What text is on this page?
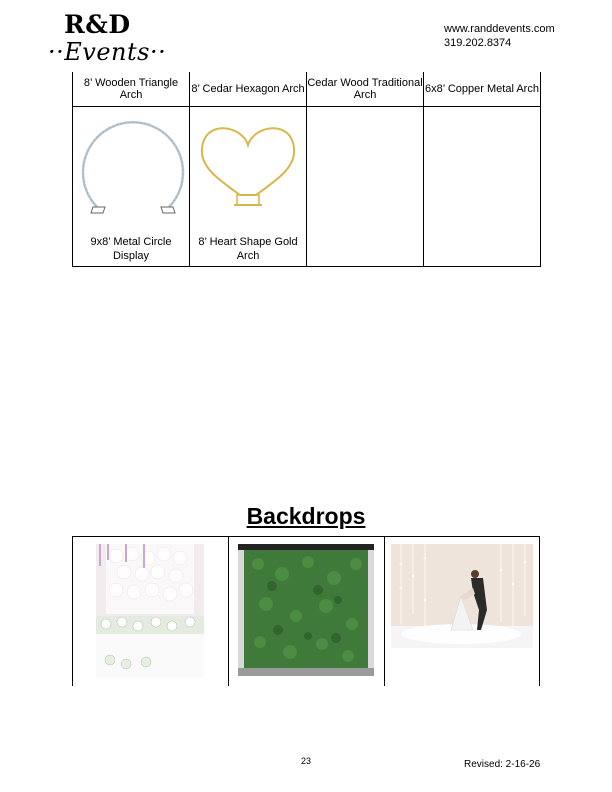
R&D
··Events··
www.randdevents.com
319.202.8374
8’ Wooden Triangle Arch	8’ Cedar Hexagon Arch	Cedar Wood Traditional Arch	6x8’ Copper Metal Arch

9x8’ Metal Circle Display	8’ Heart Shape Gold Arch		

Backdrops
23	Revised: 2-16-26
